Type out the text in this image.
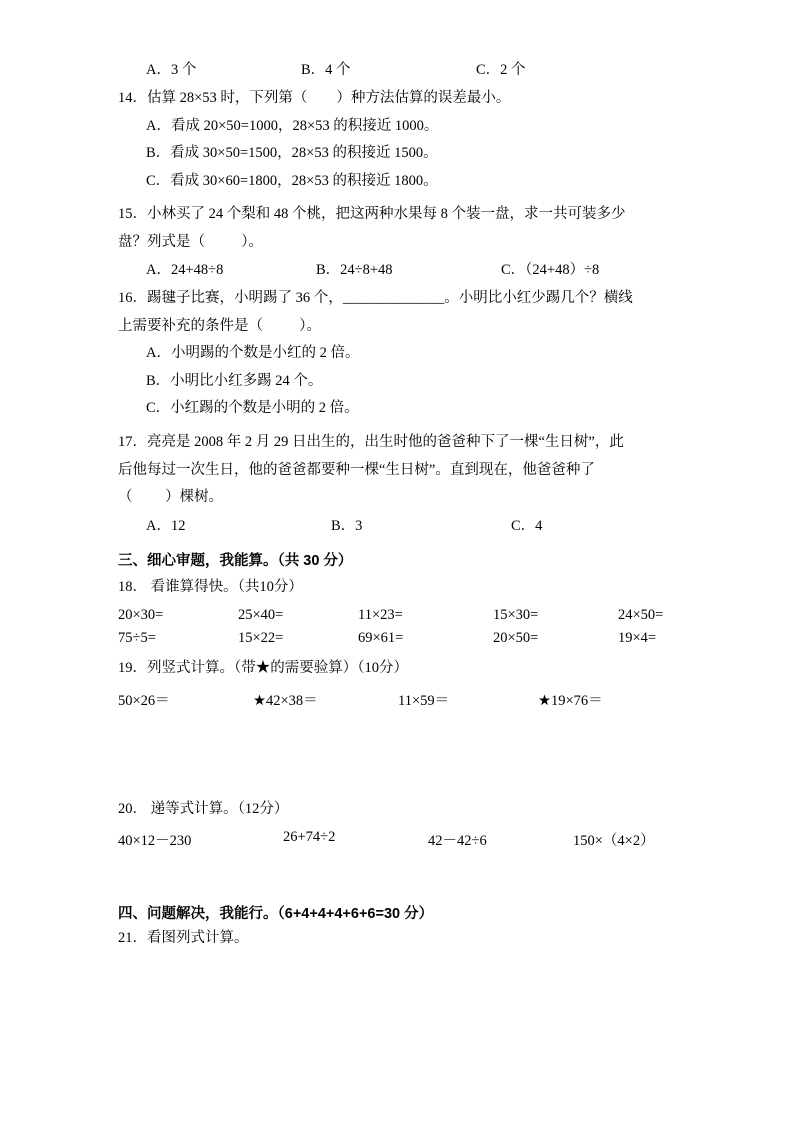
A．3 个	B．4 个	C．2 个
14．估算 28×53 时，下列第（        ）种方法估算的误差最小。
A．看成 20×50=1000，28×53 的积接近 1000。
B．看成 30×50=1500，28×53 的积接近 1500。
C．看成 30×60=1800，28×53 的积接近 1800。
15．小林买了 24 个梨和 48 个桃，把这两种水果每 8 个装一盘，求一共可装多少
盘？列式是（          ）。
A．24+48÷8	B．24÷8+48	C．（24+48）÷8
16．踢毽子比赛，小明踢了 36 个，______________。小明比小红少踢几个？横线
上需要补充的条件是（          ）。
A．小明踢的个数是小红的 2 倍。
B．小明比小红多踢 24 个。
C．小红踢的个数是小明的 2 倍。
17．亮亮是 2008 年 2 月 29 日出生的，出生时他的爸爸种下了一棵“生日树”，此
后他每过一次生日，他的爸爸都要种一棵“生日树”。直到现在，他爸爸种了
（         ）棵树。
A．12	B．3	C．4
三、细心审题，我能算。（共 30 分）
18． 看谁算得快。（共10分）
20×30=	25×40=	11×23=	15×30=	24×50=
75÷5=	15×22=	69×61=	20×50=	19×4=
19．列竖式计算。（带★的需要验算）（10分）
50×26＝	★42×38＝	11×59＝	★19×76＝
20． 递等式计算。（12分）
40×12－230	26+74÷2	42－42÷6	150×（4×2）
四、问题解决，我能行。（6+4+4+4+6+6=30 分）
21．看图列式计算。
